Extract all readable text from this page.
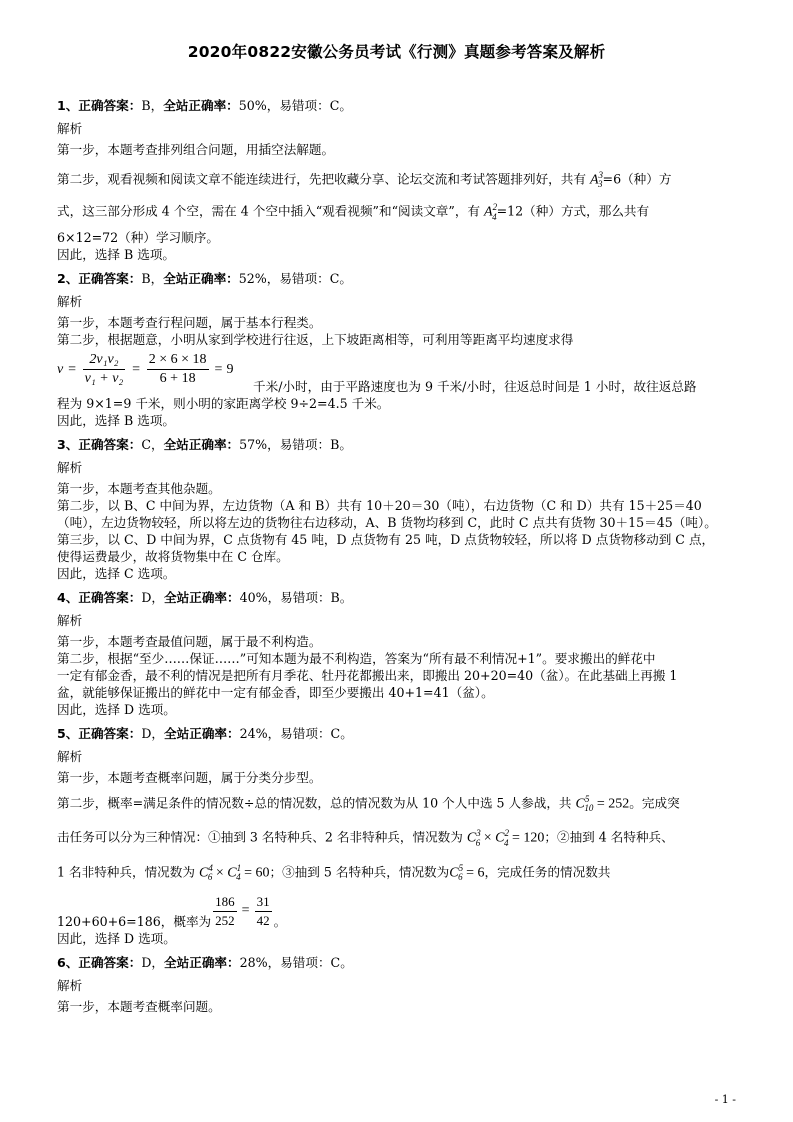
2020年0822安徽公务员考试《行测》真题参考答案及解析
1、正确答案：B，全站正确率：50%，易错项：C。
解析
第一步，本题考查排列组合问题，用插空法解题。
第二步，观看视频和阅读文章不能连续进行，先把收藏分享、论坛交流和考试答题排列好，共有 $A^3_3=6$（种）方
式，这三部分形成 4 个空，需在 4 个空中插入“观看视频”和“阅读文章”，有 $A^2_4=12$（种）方式，那么共有
6×12=72（种）学习顺序。
因此，选择 B 选项。
2、正确答案：B，全站正确率：52%，易错项：C。
解析
第一步，本题考查行程问题，属于基本行程类。
第二步，根据题意，小明从家到学校进行往返，上下坡距离相等，可利用等距离平均速度求得
$v = \frac{\text{2v₁v₂}}{\text{v₁ + v₂}} = \frac{2 \times 6 \times 18}{6 + 18} = 9$
千米/小时，由于平路速度也为 9 千米/小时，往返总时间是 1 小时，故往返总路
程为 9×1=9 千米，则小明的家距离学校 9÷2=4.5 千米。
因此，选择 B 选项。
3、正确答案：C，全站正确率：57%，易错项：B。
解析
第一步，本题考查其他杂题。
第二步，以 B、C 中间为界，左边货物（A 和 B）共有 10＋20＝30（吨），右边货物（C 和 D）共有 15＋25＝40
（吨），左边货物较轻，所以将左边的货物往右边移动，A、B 货物均移到 C，此时 C 点共有货物 30＋15＝45（吨）。
第三步，以 C、D 中间为界，C 点货物有 45 吨，D 点货物有 25 吨，D 点货物较轻，所以将 D 点货物移动到 C 点，
使得运费最少，故将货物集中在 C 仓库。
因此，选择 C 选项。
4、正确答案：D，全站正确率：40%，易错项：B。
解析
第一步，本题考查最值问题，属于最不利构造。
第二步，根据“至少……保证……”可知本题为最不利构造，答案为“所有最不利情况+1”。要求搬出的鲜花中
一定有郁金香，最不利的情况是把所有月季花、牡丹花都搬出来，即搬出 20+20=40（盆）。在此基础上再搬 1
盆，就能够保证搬出的鲜花中一定有郁金香，即至少要搬出 40+1=41（盆）。
因此，选择 D 选项。
5、正确答案：D，全站正确率：24%，易错项：C。
解析
第一步，本题考查概率问题，属于分类分步型。
第二步，概率=满足条件的情况数÷总的情况数，总的情况数为从 10 个人中选 5 人参战，共 $C^5_{10} = 252$。完成突
击任务可以分为三种情况：①抽到 3 名特种兵、2 名非特种兵，情况数为 $C^3_6 \times C^2_4 = 120$；②抽到 4 名特种兵、
1 名非特种兵，情况数为 $C^4_6 \times C^1_4 = 60$；③抽到 5 名特种兵，情况数为$C^5_6 = 6$，完成任务的情况数共
120+60+6=186，概率为 $\frac{186}{252} = \frac{31}{42}$ 。
因此，选择 D 选项。
6、正确答案：D，全站正确率：28%，易错项：C。
解析
第一步，本题考查概率问题。
- 1 -
